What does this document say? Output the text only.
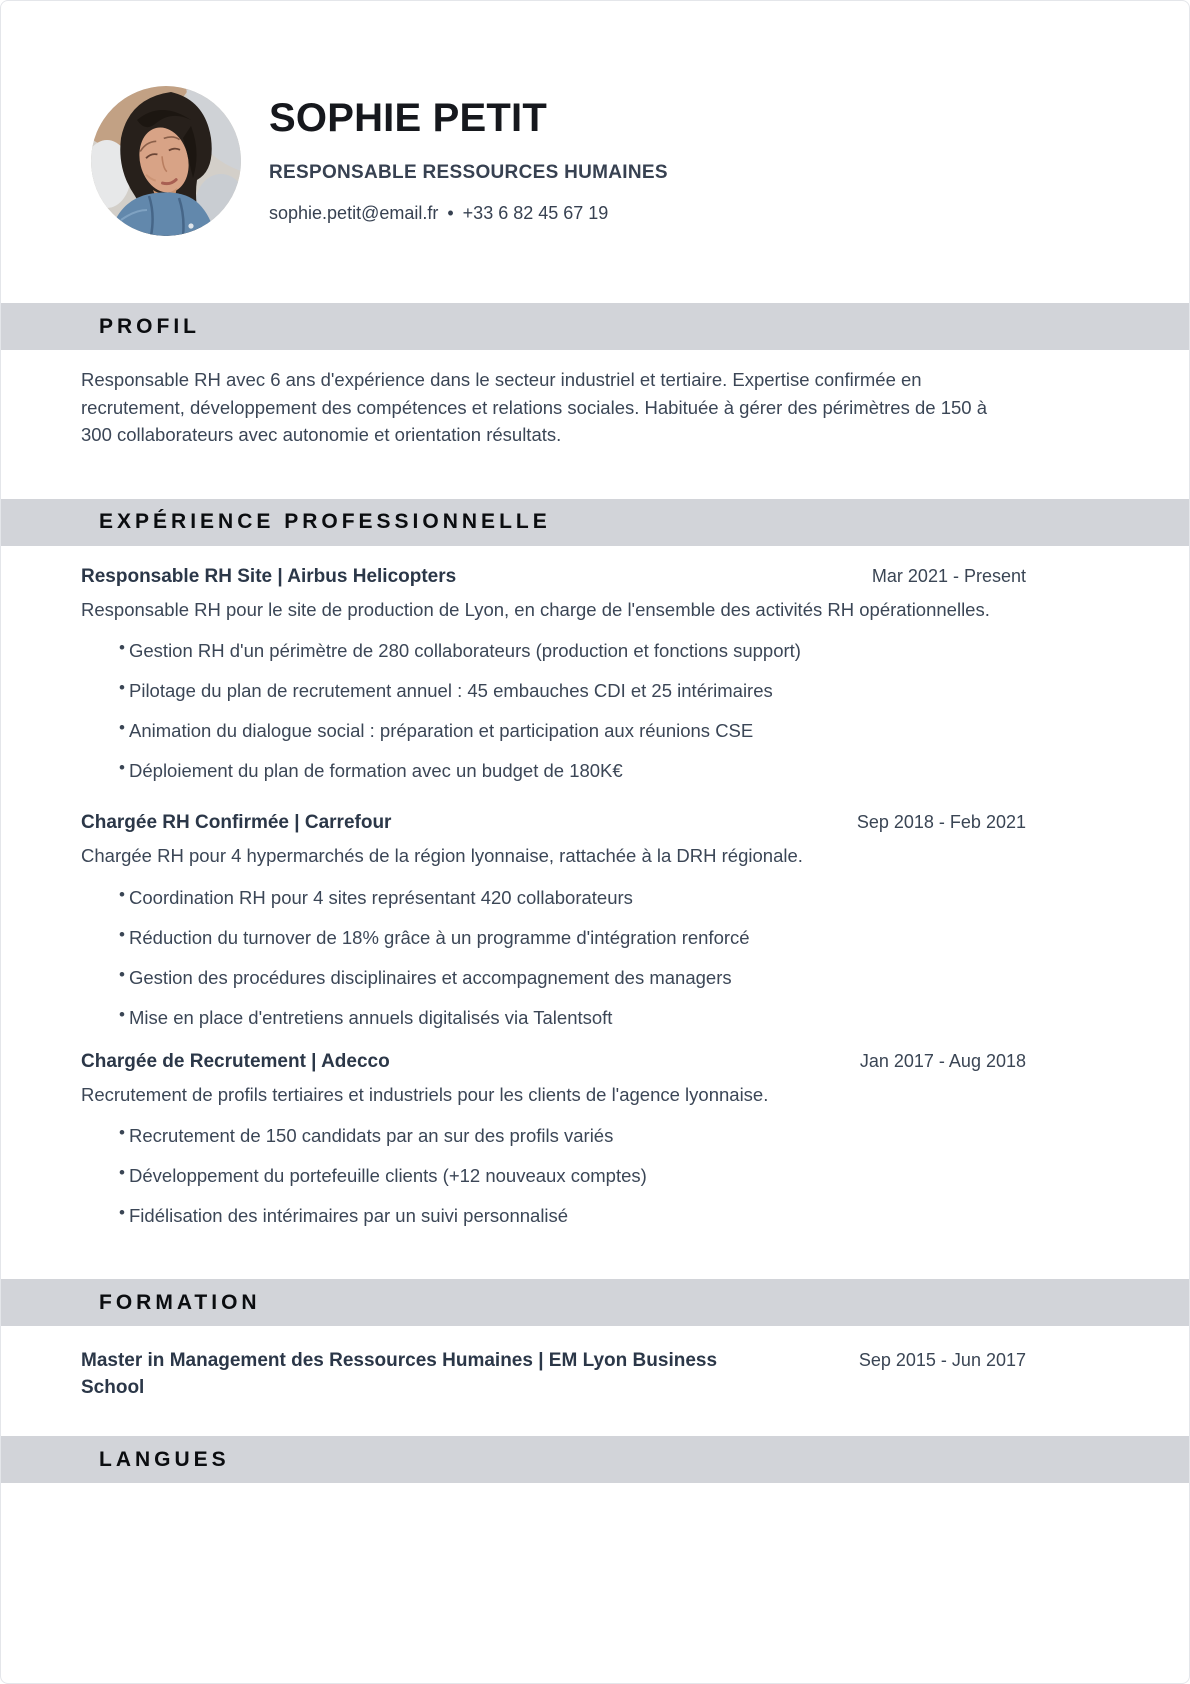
SOPHIE PETIT
RESPONSABLE RESSOURCES HUMAINES
sophie.petit@email.fr • +33 6 82 45 67 19
PROFIL

Responsable RH avec 6 ans d'expérience dans le secteur industriel et tertiaire. Expertise confirmée en recrutement, développement des compétences et relations sociales. Habituée à gérer des périmètres de 150 à 300 collaborateurs avec autonomie et orientation résultats.

EXPÉRIENCE PROFESSIONNELLE
Responsable RH Site | Airbus Helicopters	Mar 2021 - Present

Responsable RH pour le site de production de Lyon, en charge de l'ensemble des activités RH opérationnelles.

• Gestion RH d'un périmètre de 280 collaborateurs (production et fonctions support)
• Pilotage du plan de recrutement annuel : 45 embauches CDI et 25 intérimaires
• Animation du dialogue social : préparation et participation aux réunions CSE
• Déploiement du plan de formation avec un budget de 180K€
Chargée RH Confirmée | Carrefour	Sep 2018 - Feb 2021

Chargée RH pour 4 hypermarchés de la région lyonnaise, rattachée à la DRH régionale.

• Coordination RH pour 4 sites représentant 420 collaborateurs
• Réduction du turnover de 18% grâce à un programme d'intégration renforcé
• Gestion des procédures disciplinaires et accompagnement des managers
• Mise en place d'entretiens annuels digitalisés via Talentsoft
Chargée de Recrutement | Adecco	Jan 2017 - Aug 2018

Recrutement de profils tertiaires et industriels pour les clients de l'agence lyonnaise.

• Recrutement de 150 candidats par an sur des profils variés
• Développement du portefeuille clients (+12 nouveaux comptes)
• Fidélisation des intérimaires par un suivi personnalisé
FORMATION
Master in Management des Ressources Humaines | EM Lyon Business School
Sep 2015 - Jun 2017
LANGUES
